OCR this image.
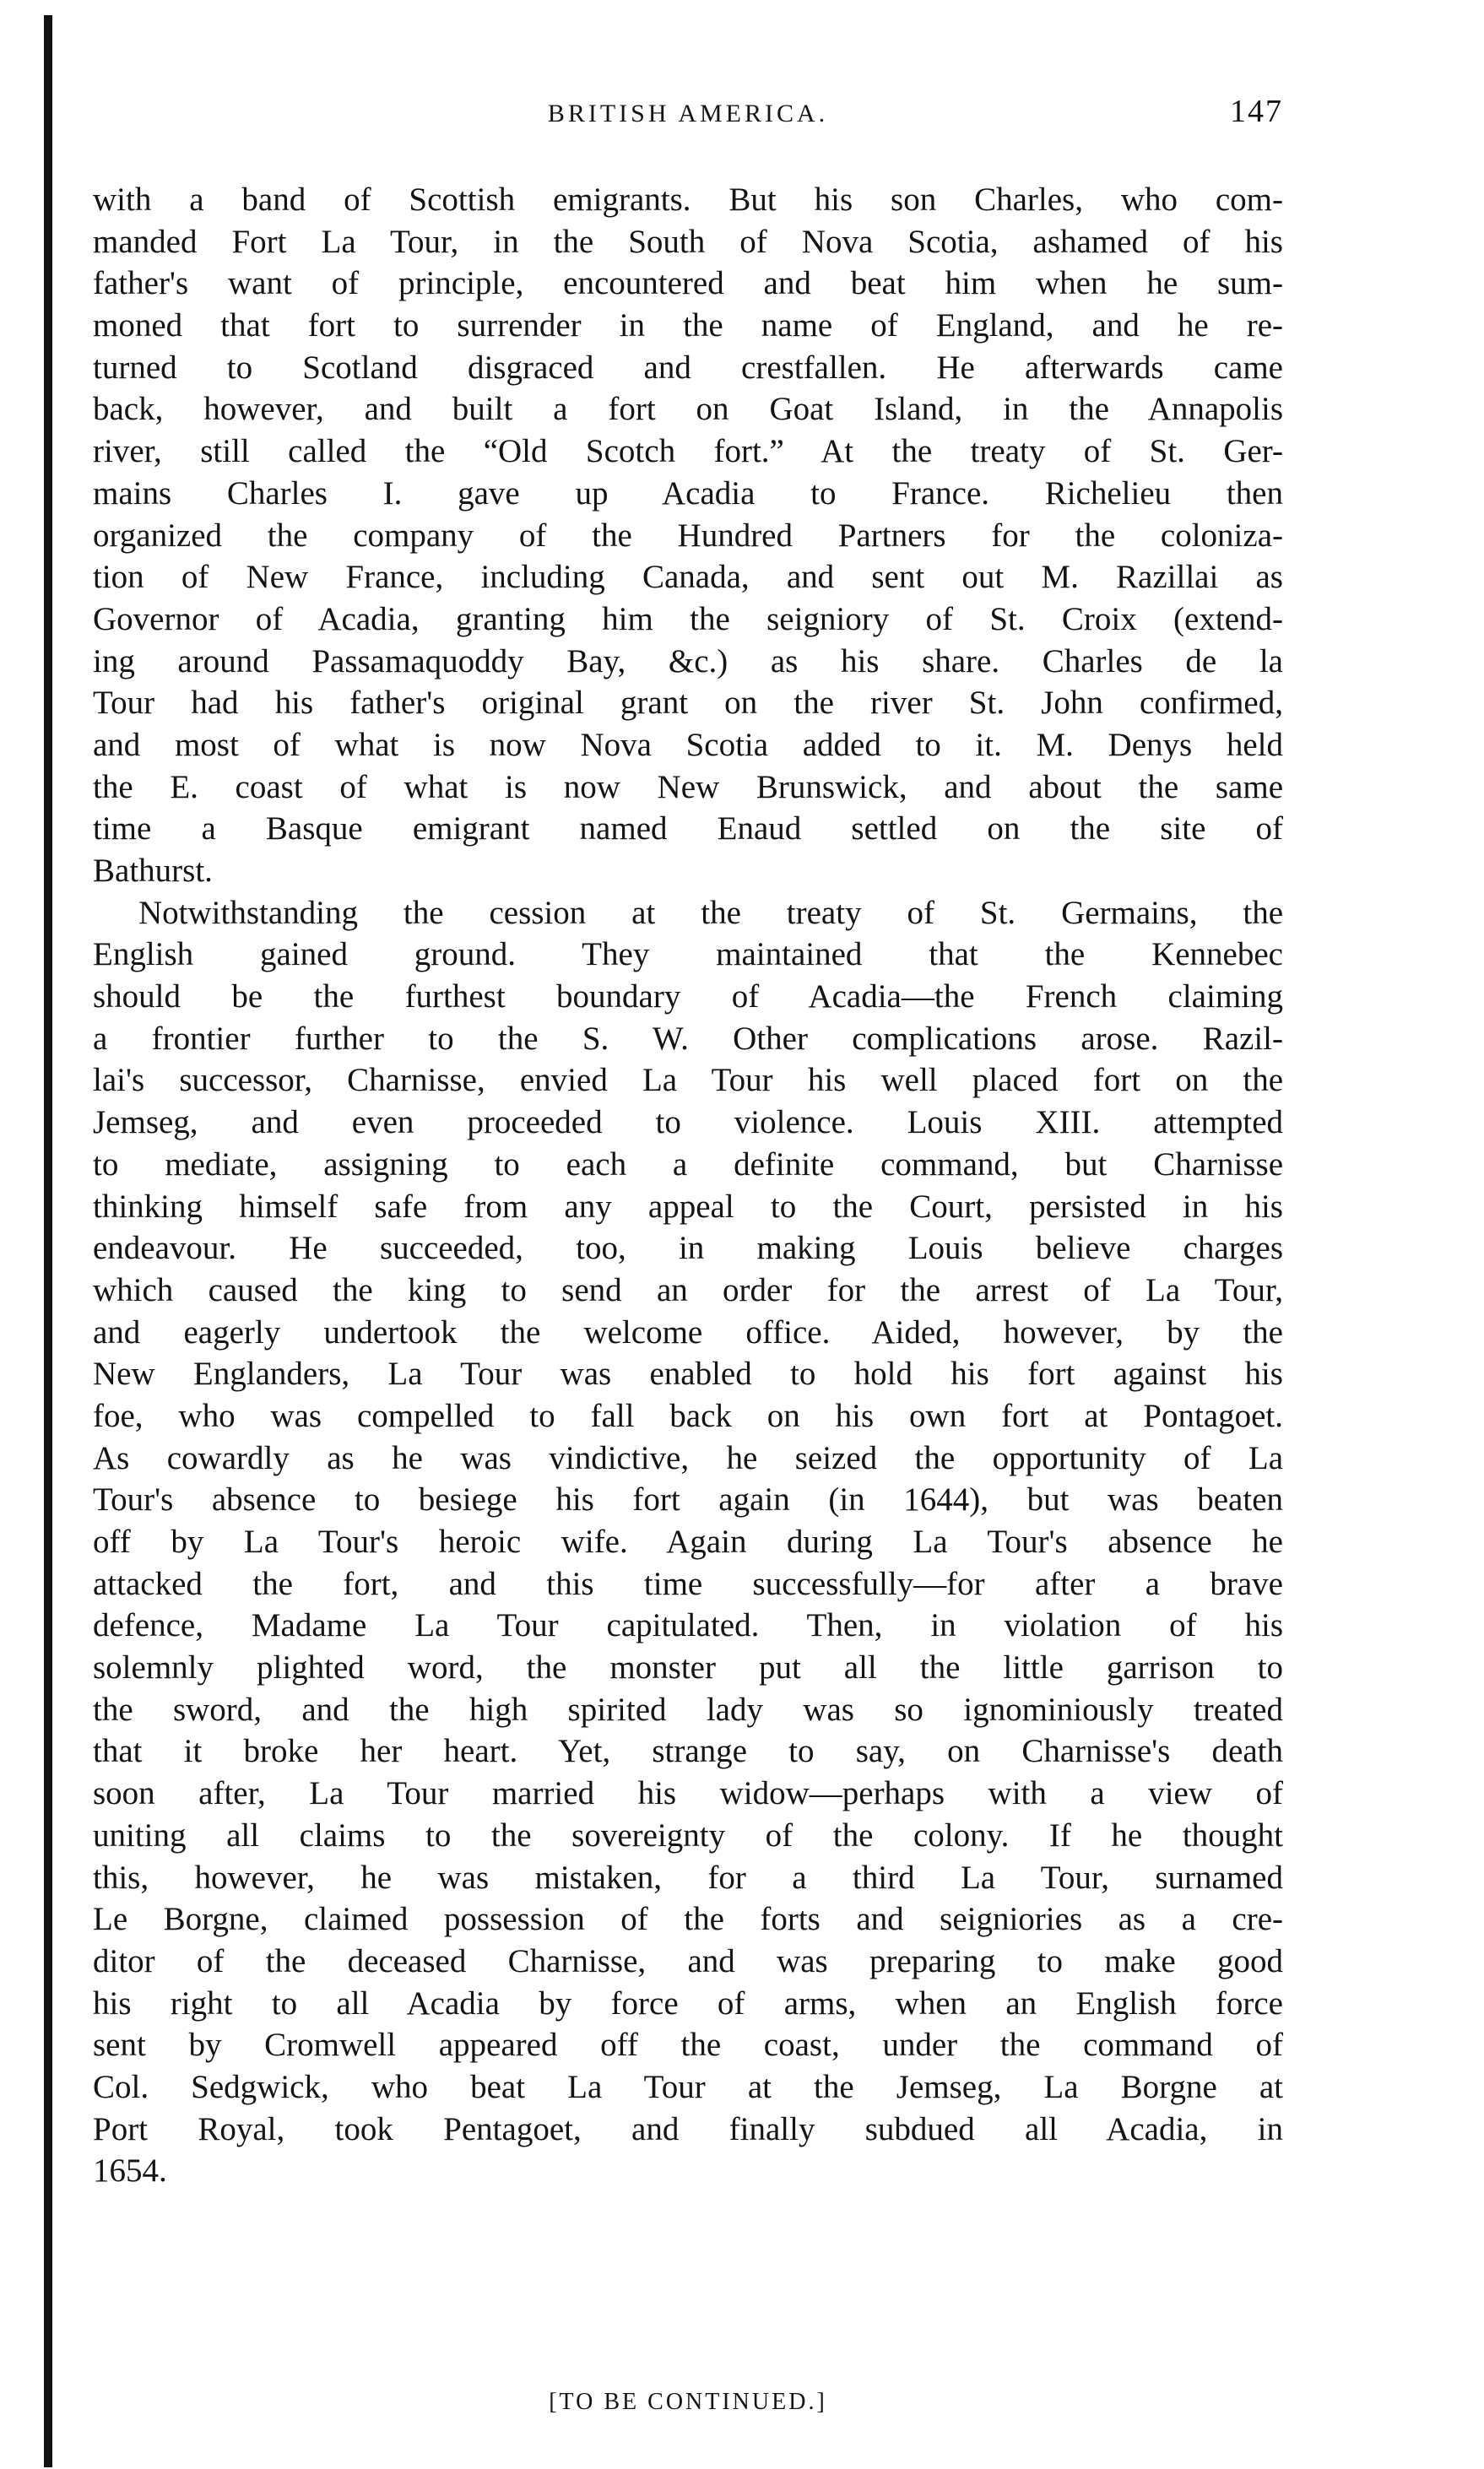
BRITISH AMERICA.	147
with a band of Scottish emigrants. But his son Charles, who com-
manded Fort La Tour, in the South of Nova Scotia, ashamed of his
father's want of principle, encountered and beat him when he sum-
moned that fort to surrender in the name of England, and he re-
turned to Scotland disgraced and crestfallen. He afterwards came
back, however, and built a fort on Goat Island, in the Annapolis
river, still called the “Old Scotch fort.” At the treaty of St. Ger-
mains Charles I. gave up Acadia to France. Richelieu then
organized the company of the Hundred Partners for the coloniza-
tion of New France, including Canada, and sent out M. Razillai as
Governor of Acadia, granting him the seigniory of St. Croix (extend-
ing around Passamaquoddy Bay, &c.) as his share. Charles de la
Tour had his father's original grant on the river St. John confirmed,
and most of what is now Nova Scotia added to it. M. Denys held
the E. coast of what is now New Brunswick, and about the same
time a Basque emigrant named Enaud settled on the site of
Bathurst.
Notwithstanding the cession at the treaty of St. Germains, the
English gained ground. They maintained that the Kennebec
should be the furthest boundary of Acadia—the French claiming
a frontier further to the S. W. Other complications arose. Razil-
lai's successor, Charnisse, envied La Tour his well placed fort on the
Jemseg, and even proceeded to violence. Louis XIII. attempted
to mediate, assigning to each a definite command, but Charnisse
thinking himself safe from any appeal to the Court, persisted in his
endeavour. He succeeded, too, in making Louis believe charges
which caused the king to send an order for the arrest of La Tour,
and eagerly undertook the welcome office. Aided, however, by the
New Englanders, La Tour was enabled to hold his fort against his
foe, who was compelled to fall back on his own fort at Pontagoet.
As cowardly as he was vindictive, he seized the opportunity of La
Tour's absence to besiege his fort again (in 1644), but was beaten
off by La Tour's heroic wife. Again during La Tour's absence he
attacked the fort, and this time successfully—for after a brave
defence, Madame La Tour capitulated. Then, in violation of his
solemnly plighted word, the monster put all the little garrison to
the sword, and the high spirited lady was so ignominiously treated
that it broke her heart. Yet, strange to say, on Charnisse's death
soon after, La Tour married his widow—perhaps with a view of
uniting all claims to the sovereignty of the colony. If he thought
this, however, he was mistaken, for a third La Tour, surnamed
Le Borgne, claimed possession of the forts and seigniories as a cre-
ditor of the deceased Charnisse, and was preparing to make good
his right to all Acadia by force of arms, when an English force
sent by Cromwell appeared off the coast, under the command of
Col. Sedgwick, who beat La Tour at the Jemseg, La Borgne at
Port Royal, took Pentagoet, and finally subdued all Acadia, in
1654.
[TO BE CONTINUED.]
